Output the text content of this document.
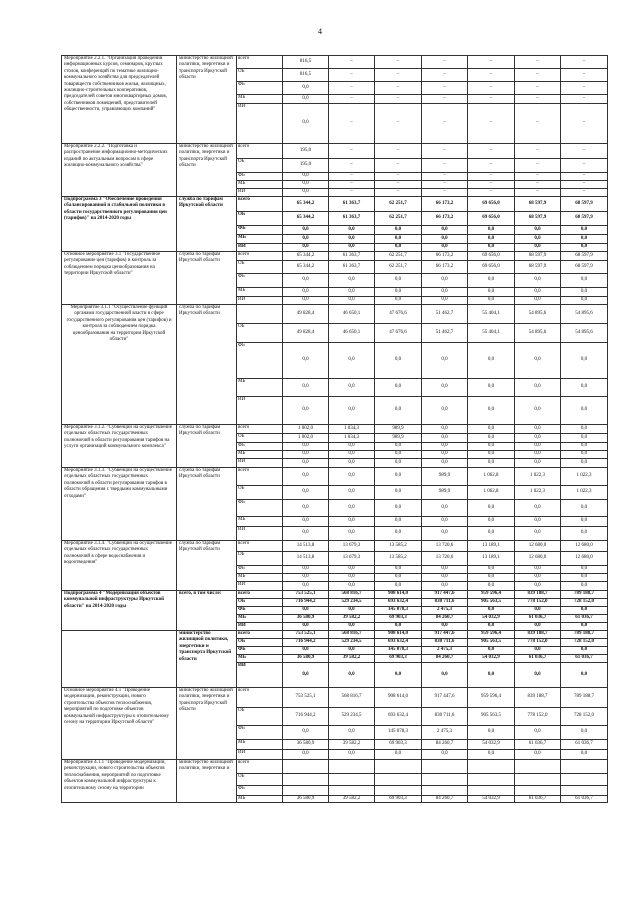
4
Мероприятие 2.2.1. "Организация проведения информационных курсов, семинаров, круглых столов, конференций по тематике жилищно-коммунального хозяйства для председателей товариществ собственников жилья, жилищных, жилищно-строительных кооперативов, председателей советов многоквартирных домов, собственников помещений, представителей общественности, управляющих компаний"	министерство жилищной политики, энергетики и транспорта Иркутской области	всего	816,5	–	–	–	–	–	–
		ОБ	816,5	–	–	–	–	–	–
		ФБ	0,0	–	–	–	–	–	–
		МБ	0,0	–	–	–	–	–	–
		ИИ	0,0	–	–	–	–	–	–
Мероприятие 2.2.2. "Подготовка и распространение информационно-методических изданий по актуальным вопросам в сфере жилищно-коммунального хозяйства"	министерство жилищной политики, энергетики и транспорта Иркутской области	всего	195,0	–	–	–	–	–	–
		ОБ	195,0	–	–	–	–	–	–
		ФБ	0,0	–	–	–	–	–	–
		МБ	0,0	–	–	–	–	–	–
		ИИ	0,0	–	–	–	–	–	–
Подпрограмма 3 "Обеспечение проведения сбалансированной и стабильной политики в области государственного регулирования цен (тарифов)" на 2014-2020 годы	служба по тарифам Иркутской области	всего	65 344,2	61 363,7	62 251,7	66 173,2	69 656,0	68 597,9	68 597,9
		ОБ	65 344,2	61 363,7	62 251,7	66 173,2	69 656,0	68 597,9	68 597,9
		ФБ	0,0	0,0	0,0	0,0	0,0	0,0	0,0
		МБ	0,0	0,0	0,0	0,0	0,0	0,0	0,0
		ИИ	0,0	0,0	0,0	0,0	0,0	0,0	0,0
Основное мероприятие 3.1 "Государственное регулирование цен (тарифов) и контроль за соблюдением порядка ценообразования на территории Иркутской области"	служба по тарифам Иркутской области	всего	65 344,2	61 363,7	62 251,7	66 173,2	69 656,0	68 597,9	68 597,9
		ОБ	65 344,2	61 363,7	62 251,7	66 173,2	69 656,0	68 597,9	68 597,9
		ФБ	0,0	0,0	0,0	0,0	0,0	0,0	0,0
		МБ	0,0	0,0	0,0	0,0	0,0	0,0	0,0
		ИИ	0,0	0,0	0,0	0,0	0,0	0,0	0,0
Мероприятие 3.1.1 "Осуществление функций органами государственной власти в сфере государственного регулирования цен (тарифов) и контроля за соблюдением порядка ценообразования на территории Иркутской области"	служба по тарифам Иркутской области		49 828,4	46 650,1	47 676,6	51 462,7	55 404,1	54 895,6	54 895,6
		ОБ	49 828,4	46 650,1	47 676,6	51 462,7	55 404,1	54 895,6	54 895,6
		ФБ	0,0	0,0	0,0	0,0	0,0	0,0	0,0
		МБ	0,0	0,0	0,0	0,0	0,0	0,0	0,0
		ИИ	0,0	0,0	0,0	0,0	0,0	0,0	0,0
Мероприятие 3.1.2. "Субвенции на осуществление отдельных областных государственных полномочий в области регулирования тарифов на услуги организаций коммунального комплекса"	служба по тарифам Иркутской области	всего	1 002,0	1 034,3	989,9	0,0	0,0	0,0	0,0
		ОБ	1 002,0	1 034,3	989,9	0,0	0,0	0,0	0,0
		ФБ	0,0	0,0	0,0	0,0	0,0	0,0	0,0
		МБ	0,0	0,0	0,0	0,0	0,0	0,0	0,0
		ИИ	0,0	0,0	0,0	0,0	0,0	0,0	0,0
Мероприятие 3.1.3. "Субвенции на осуществление отдельных областных государственных полномочий в области регулирования тарифов в области обращения с твердыми коммунальными отходами"	служба по тарифам Иркутской области	всего	0,0	0,0	0,0	989,9	1 062,8	1 022,3	1 022,3
		ОБ	0,0	0,0	0,0	989,9	1 062,8	1 022,3	1 022,3
		ФБ	0,0	0,0	0,0	0,0	0,0	0,0	0,0
		МБ	0,0	0,0	0,0	0,0	0,0	0,0	0,0
		ИИ	0,0	0,0	0,0	0,0	0,0	0,0	0,0
Мероприятие 3.1.4. "Субвенции на осуществление отдельных областных государственных полномочий в сфере водоснабжения и водоотведения"	служба по тарифам Иркутской области	всего	14 513,8	13 679,3	13 585,2	13 720,6	13 189,1	12 680,0	12 680,0
		ОБ	14 513,8	13 679,3	13 585,2	13 720,6	13 189,1	12 680,0	12 680,0
		ФБ	0,0	0,0	0,0	0,0	0,0	0,0	0,0
		МБ	0,0	0,0	0,0	0,0	0,0	0,0	0,0
		ИИ	0,0	0,0	0,0	0,0	0,0	0,0	0,0
Подпрограмма 4 "Модернизация объектов коммунальной инфраструктуры Иркутской области" на 2014-2020 годы	всего, в том числе:	всего	753 525,1	568 816,7	908 614,0	917 447,6	959 596,4	839 188,7	789 188,7
		ОБ	716 944,2	529 234,5	693 632,4	830 711,6	905 563,5	778 152,0	728 152,0
		ФБ	0,0	0,0	145 078,3	2 475,3	0,0	0,0	0,0
		МБ	36 580,9	39 582,2	69 903,3	84 260,7	54 032,9	61 036,7	61 036,7
		ИИ	0,0	0,0	0,0	0,0	0,0	0,0	0,0
	министерство жилищной политики, энергетики и транспорта Иркутской области	всего	753 525,1	568 816,7	908 614,0	917 447,6	959 596,4	839 188,7	789 188,7
		ОБ	716 944,2	529 234,5	693 632,4	830 711,6	905 563,5	778 152,0	728 152,0
		ФБ	0,0	0,0	145 078,3	2 475,3	0,0	0,0	0,0
		МБ	36 580,9	39 582,2	69 903,3	84 260,7	54 032,9	61 036,7	61 036,7
		ИИ	0,0	0,0	0,0	0,0	0,0	0,0	0,0
Основное мероприятие 4.1 "Проведение модернизации, реконструкции, нового строительства объектов теплоснабжения, мероприятий по подготовке объектов коммунальной инфраструктуры к отопительному сезону на территории Иркутской области"	министерство жилищной политики, энергетики и транспорта Иркутской области	всего	753 525,1	568 816,7	908 614,0	917 447,6	959 596,4	839 188,7	789 188,7
		ОБ	716 944,2	529 234,5	693 632,4	830 711,6	905 563,5	778 152,0	728 152,0
		ФБ	0,0	0,0	145 078,3	2 475,3	0,0	0,0	0,0
		МБ	36 580,9	39 582,2	69 903,3	84 260,7	54 032,9	61 036,7	61 036,7
		ИИ	0,0	0,0	0,0	0,0	0,0	0,0	0,0
Мероприятие 4.1.1 "Проведение модернизации, реконструкции, нового строительства объектов теплоснабжения, мероприятий по подготовке объектов коммунальной инфраструктуры к отопительному сезону на территории	министерство жилищной политики, энергетики и	всего							
		ОБ							
		ФБ							
		МБ	36 580,9	39 582,2	69 903,3	84 260,7	54 032,9	61 036,7	61 036,7
